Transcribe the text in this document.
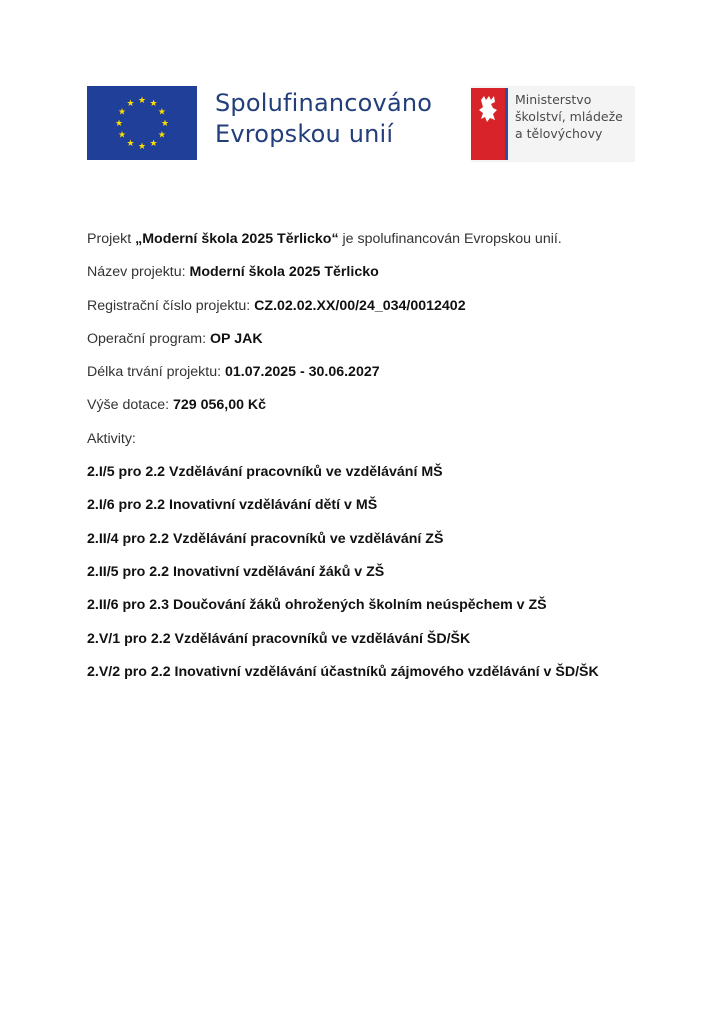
★ ★
★
★
★
★
★
★
★
★
★
★	Spolufinancováno
Evropskou unií
Ministerstvo
školství, mládeže
a tělovýchovy
Projekt „Moderní škola 2025 Těrlicko“ je spolufinancován Evropskou unií.
Název projektu: Moderní škola 2025 Těrlicko
Registrační číslo projektu: CZ.02.02.XX/00/24_034/0012402
Operační program: OP JAK
Délka trvání projektu: 01.07.2025 - 30.06.2027
Výše dotace: 729 056,00 Kč
Aktivity:
2.I/5 pro 2.2 Vzdělávání pracovníků ve vzdělávání MŠ
2.I/6 pro 2.2 Inovativní vzdělávání dětí v MŠ
2.II/4 pro 2.2 Vzdělávání pracovníků ve vzdělávání ZŠ
2.II/5 pro 2.2 Inovativní vzdělávání žáků v ZŠ
2.II/6 pro 2.3 Doučování žáků ohrožených školním neúspěchem v ZŠ
2.V/1 pro 2.2 Vzdělávání pracovníků ve vzdělávání ŠD/ŠK
2.V/2 pro 2.2 Inovativní vzdělávání účastníků zájmového vzdělávání v ŠD/ŠK
